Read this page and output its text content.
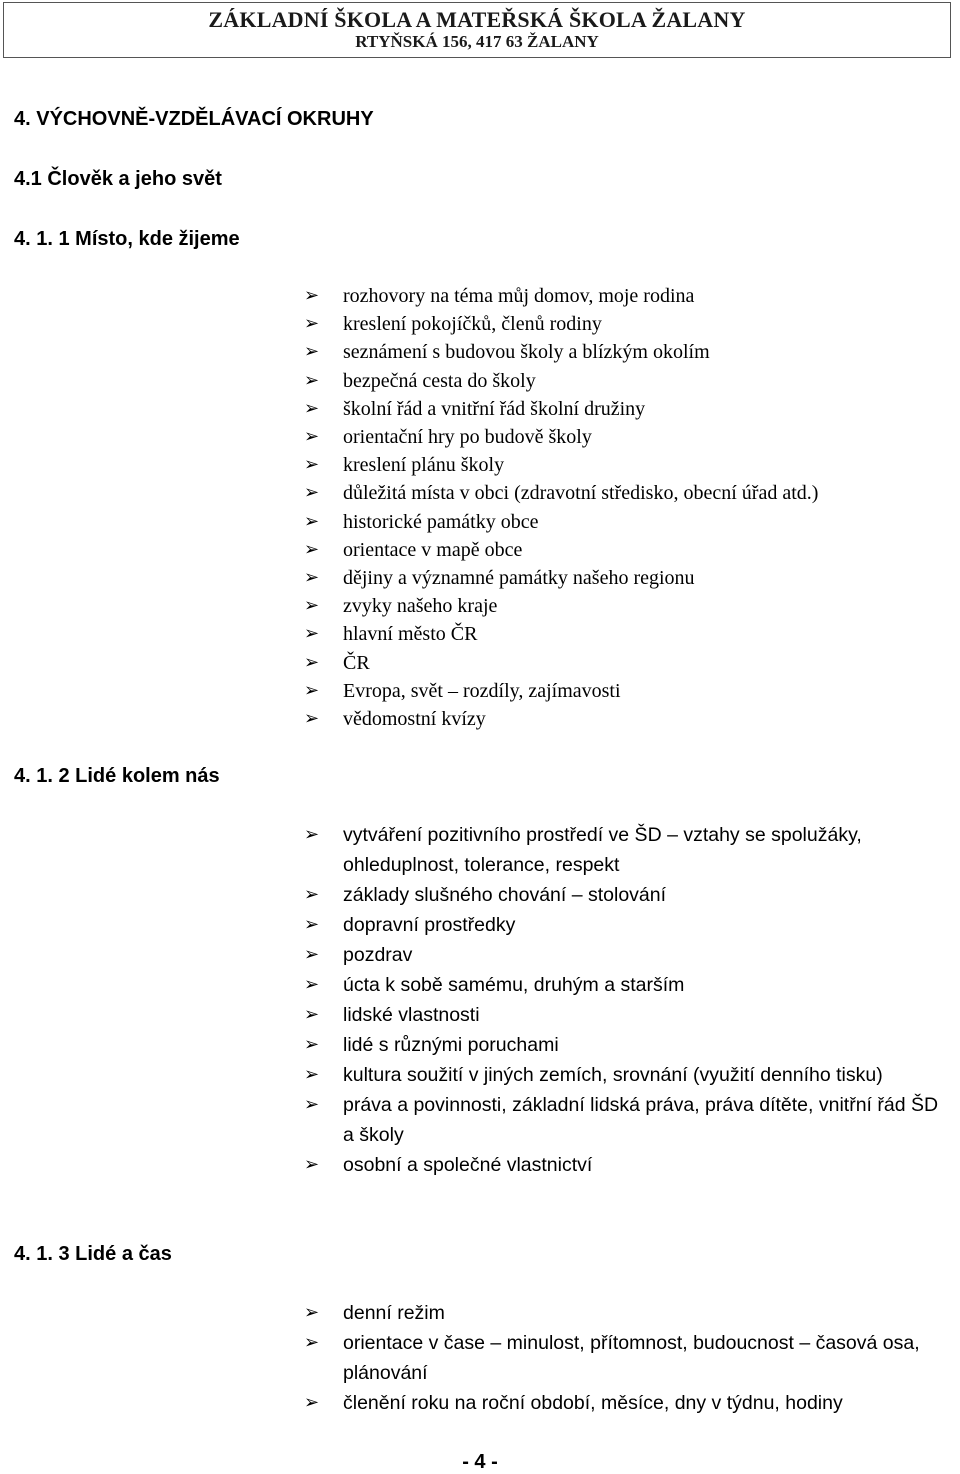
ZÁKLADNÍ ŠKOLA A MATEŘSKÁ ŠKOLA ŽALANY
RTYŇSKÁ 156, 417 63 ŽALANY
4. VÝCHOVNĚ-VZDĚLÁVACÍ OKRUHY
4.1 Člověk a jeho svět
4. 1. 1 Místo, kde žijeme
➢ rozhovory na téma můj domov, moje rodina
➢ kreslení pokojíčků, členů rodiny
➢ seznámení s budovou školy a blízkým okolím
➢ bezpečná cesta do školy
➢ školní řád a vnitřní řád školní družiny
➢ orientační hry po budově školy
➢ kreslení plánu školy
➢ důležitá místa v obci (zdravotní středisko, obecní úřad atd.)
➢ historické památky obce
➢ orientace v mapě obce
➢ dějiny a významné památky našeho regionu
➢ zvyky našeho kraje
➢ hlavní město ČR
➢ ČR
➢ Evropa, svět – rozdíly, zajímavosti
➢ vědomostní kvízy
4. 1. 2 Lidé kolem nás
➢ vytváření pozitivního prostředí ve ŠD – vztahy se spolužáky, ohleduplnost, tolerance, respekt
➢ základy slušného chování – stolování
➢ dopravní prostředky
➢ pozdrav
➢ úcta k sobě samému, druhým a starším
➢ lidské vlastnosti
➢ lidé s různými poruchami
➢ kultura soužití v jiných zemích, srovnání (využití denního tisku)
➢ práva a povinnosti, základní lidská práva, práva dítěte, vnitřní řád ŠD a školy
➢ osobní a společné vlastnictví
4. 1. 3 Lidé a čas
➢ denní režim
➢ orientace v čase – minulost, přítomnost, budoucnost – časová osa, plánování
➢ členění roku na roční období, měsíce, dny v týdnu, hodiny
- 4 -
